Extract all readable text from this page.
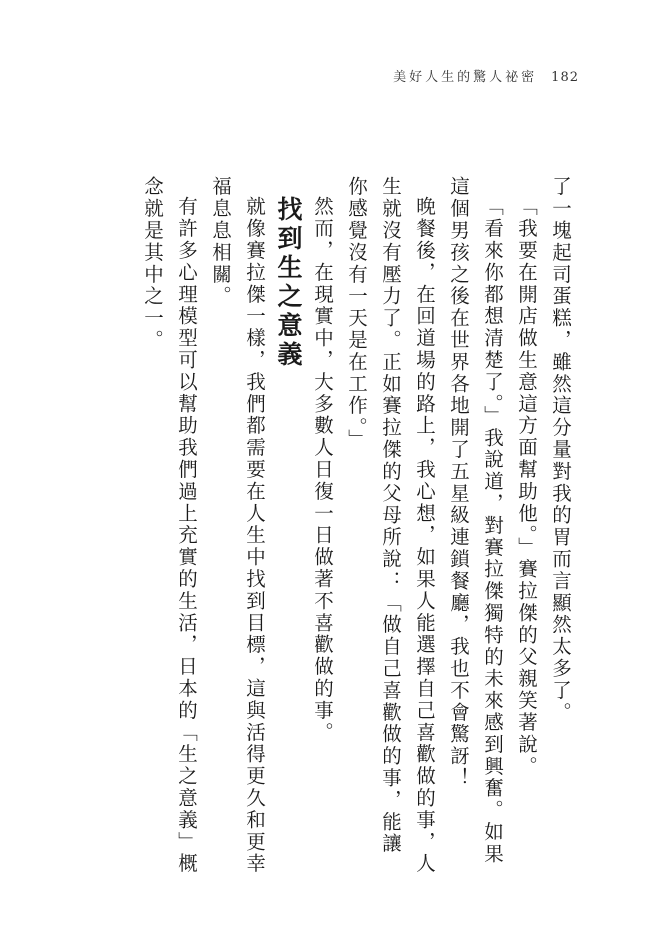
美好人生的驚人祕密 182

了一塊起司蛋糕，雖然這分量對我的胃而言顯然太多了。

「我要在開店做生意這方面幫助他。」賽拉傑的父親笑著說。

「看來你都想清楚了。」我說道，對賽拉傑獨特的未來感到興奮。如果這個男孩之後在世界各地開了五星級連鎖餐廳，我也不會驚訝！

晚餐後，在回道場的路上，我心想，如果人能選擇自己喜歡做的事，人生就沒有壓力了。正如賽拉傑的父母所說：「做自己喜歡做的事，能讓你感覺沒有一天是在工作。」

然而，在現實中，大多數人日復一日做著不喜歡做的事。

找到生之意義

就像賽拉傑一樣，我們都需要在人生中找到目標，這與活得更久和更幸福息息相關。

有許多心理模型可以幫助我們過上充實的生活，日本的「生之意義」概念就是其中之一。
